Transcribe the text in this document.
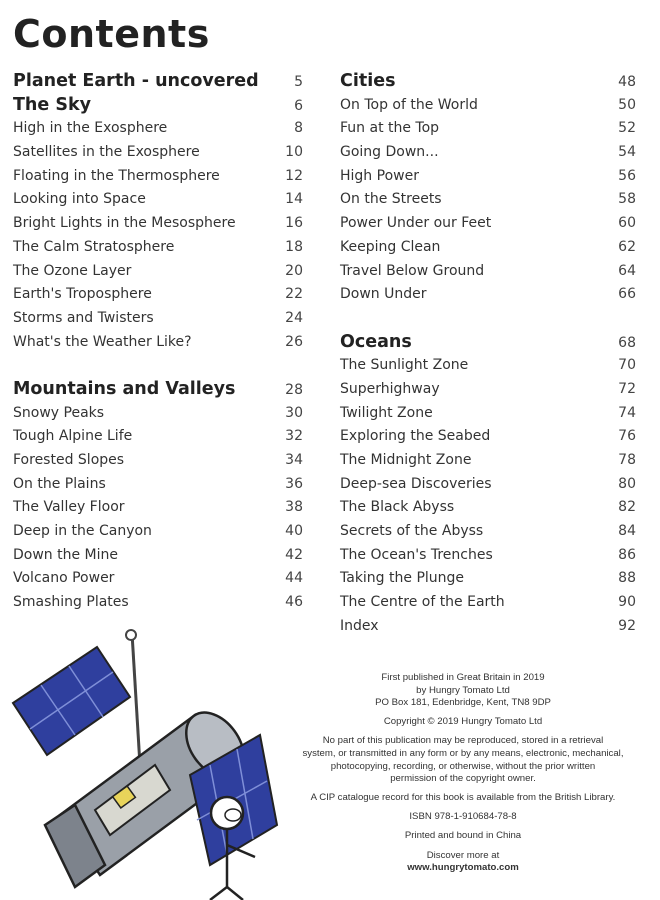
Contents
Planet Earth - uncovered	5
The Sky	6
High in the Exosphere	8
Satellites in the Exosphere	10
Floating in the Thermosphere	12
Looking into Space	14
Bright Lights in the Mesosphere	16
The Calm Stratosphere	18
The Ozone Layer	20
Earth's Troposphere	22
Storms and Twisters	24
What's the Weather Like?	26
Mountains and Valleys	28
Snowy Peaks	30
Tough Alpine Life	32
Forested Slopes	34
On the Plains	36
The Valley Floor	38
Deep in the Canyon	40
Down the Mine	42
Volcano Power	44
Smashing Plates	46
Cities	48
On Top of the World	50
Fun at the Top	52
Going Down...	54
High Power	56
On the Streets	58
Power Under our Feet	60
Keeping Clean	62
Travel Below Ground	64
Down Under	66
Oceans	68
The Sunlight Zone	70
Superhighway	72
Twilight Zone	74
Exploring the Seabed	76
The Midnight Zone	78
Deep-sea Discoveries	80
The Black Abyss	82
Secrets of the Abyss	84
The Ocean's Trenches	86
Taking the Plunge	88
The Centre of the Earth	90
Index	92

First published in Great Britain in 2019
by Hungry Tomato Ltd
PO Box 181, Edenbridge, Kent, TN8 9DP

Copyright © 2019 Hungry Tomato Ltd

No part of this publication may be reproduced, stored in a retrieval
system, or transmitted in any form or by any means, electronic, mechanical,
photocopying, recording, or otherwise, without the prior written
permission of the copyright owner.

A CIP catalogue record for this book is available from the British Library.

ISBN 978-1-910684-78-8

Printed and bound in China

Discover more at
www.hungrytomato.com
